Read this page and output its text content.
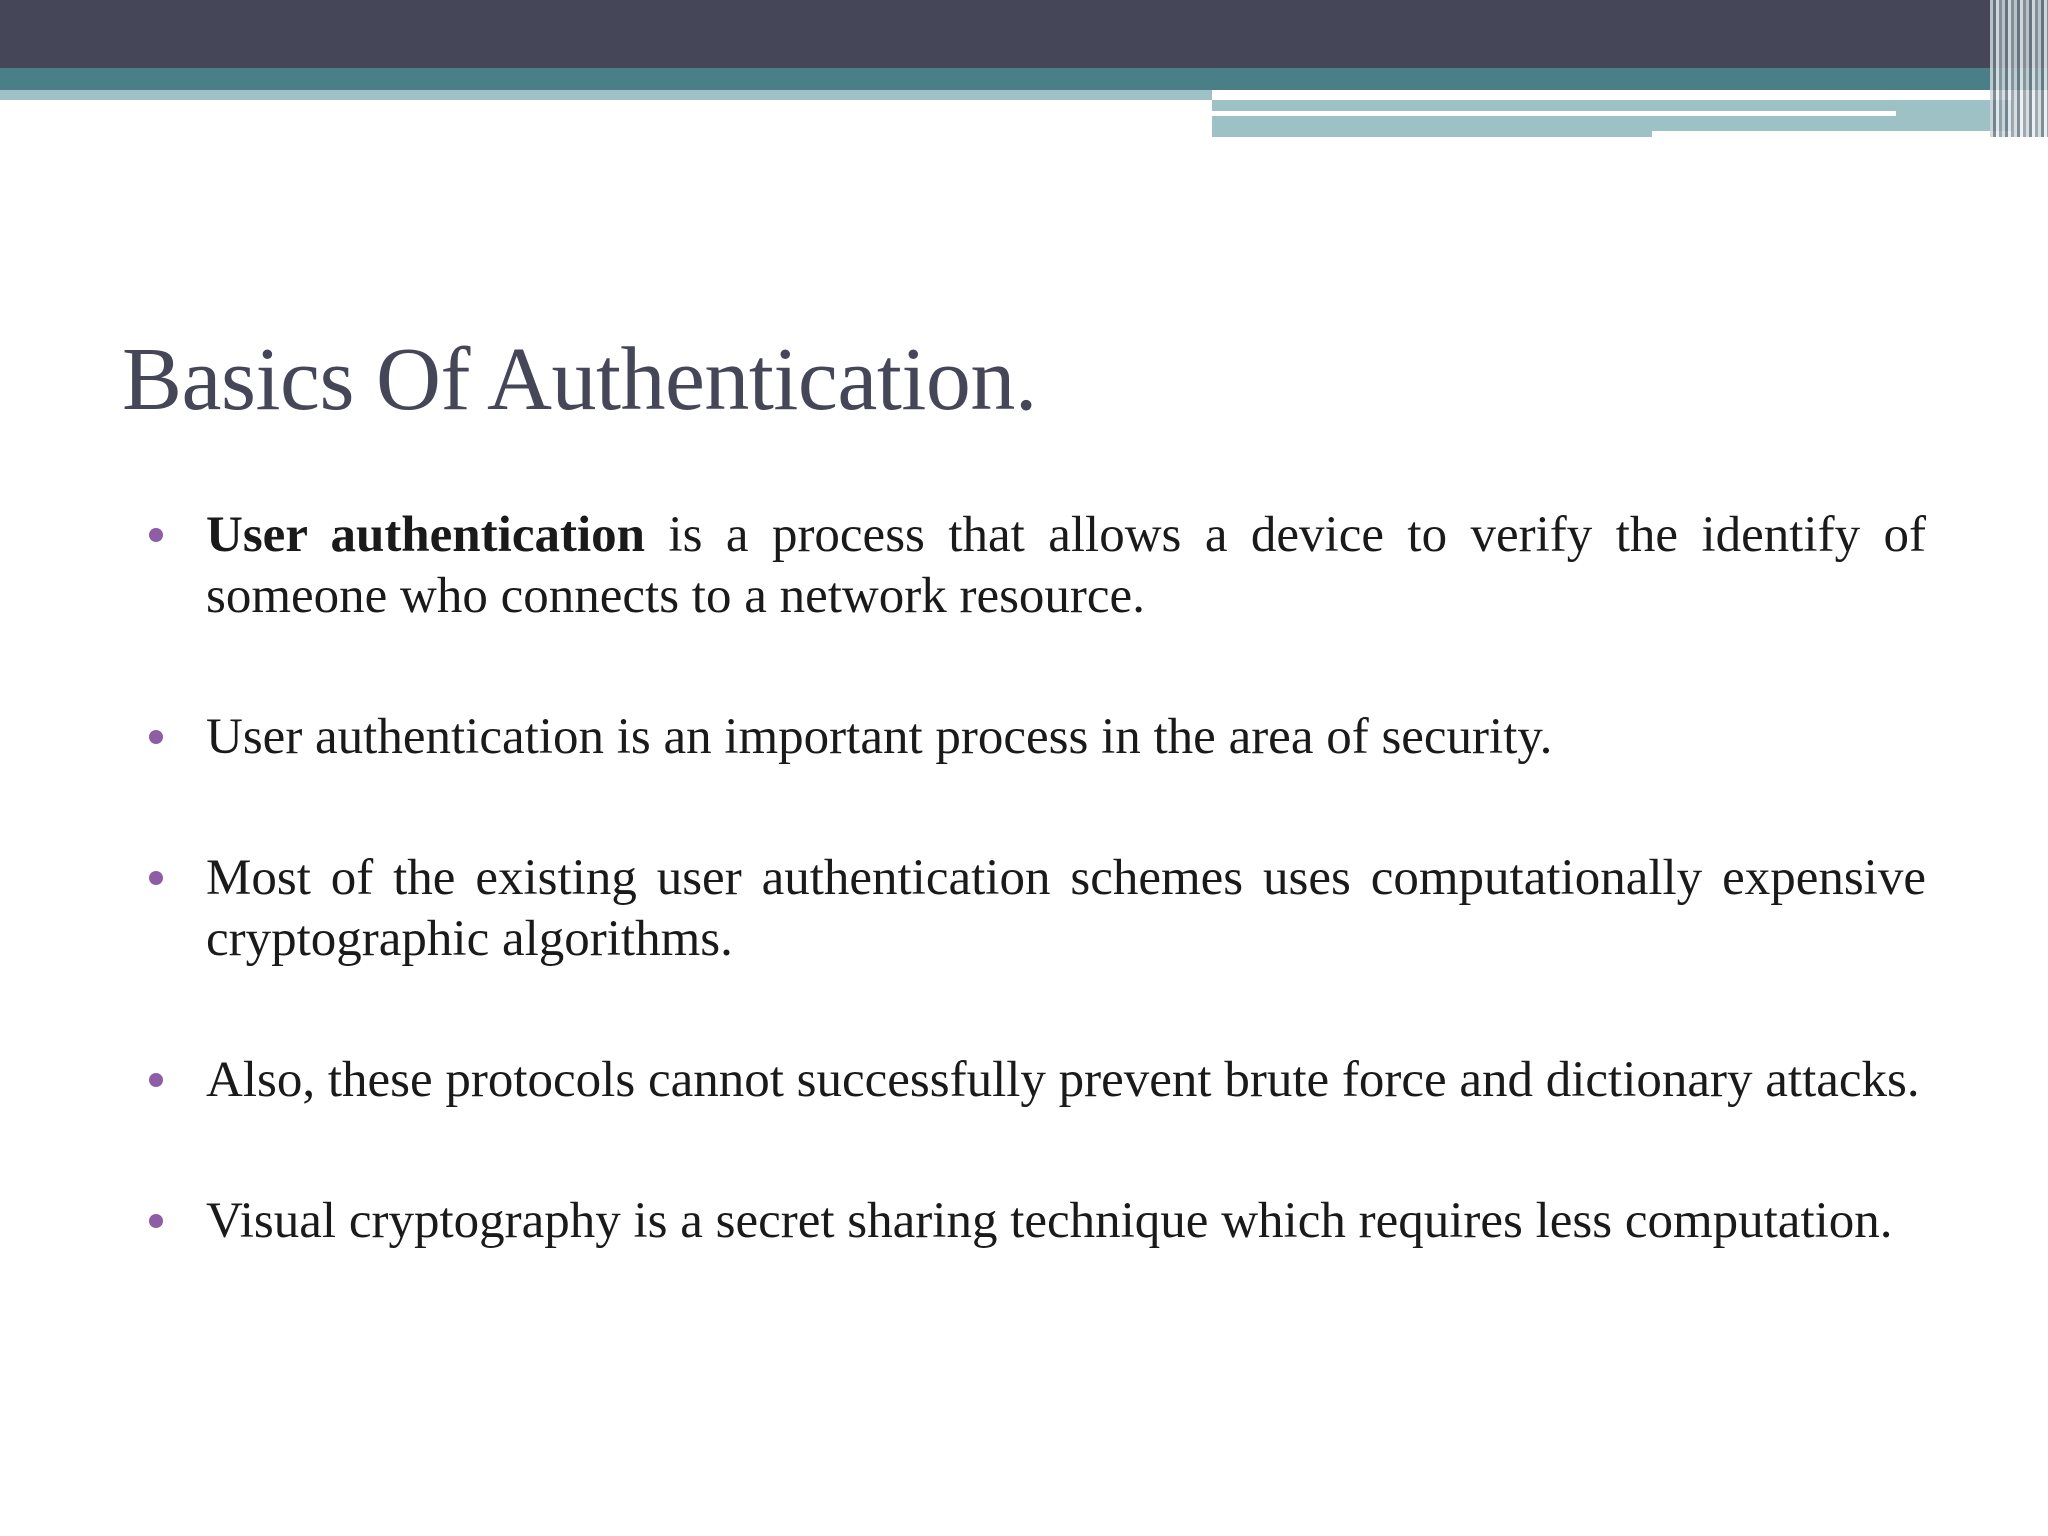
Basics Of Authentication.
User authentication is a process that allows a device to verify the identify of someone who connects to a network resource.
User authentication is an important process in the area of security.
Most of the existing user authentication schemes uses computationally expensive cryptographic algorithms.
Also, these protocols cannot successfully prevent brute force and dictionary attacks.
Visual cryptography is a secret sharing technique which requires less computation.
